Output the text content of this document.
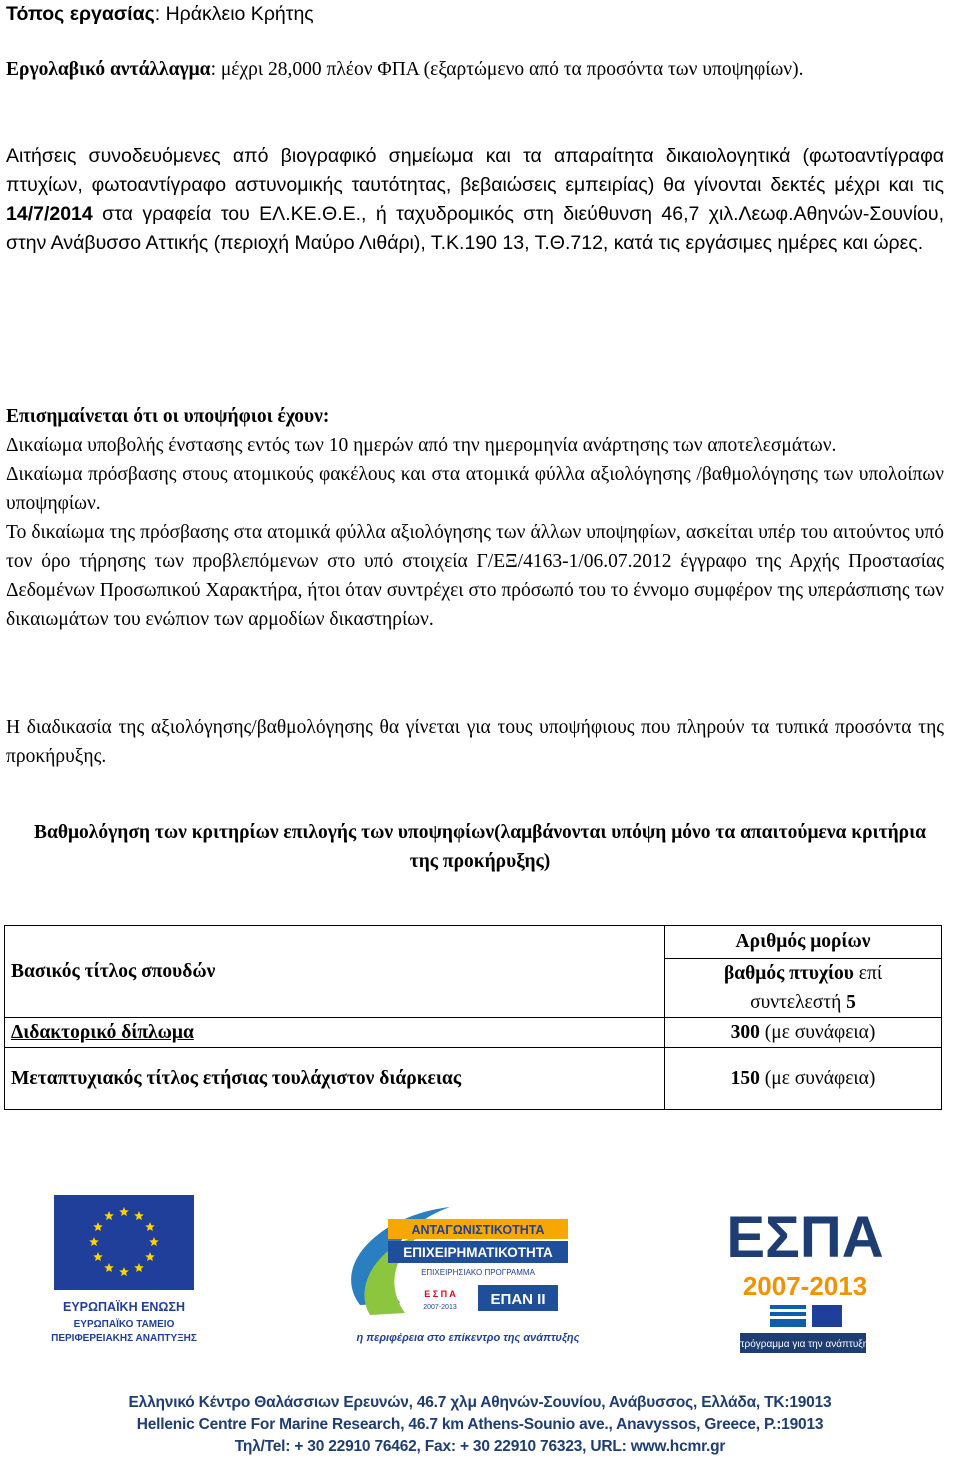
Τόπος εργασίας: Ηράκλειο Κρήτης

Εργολαβικό αντάλλαγμα: μέχρι 28,000 πλέον ΦΠΑ (εξαρτώμενο από τα προσόντα των υποψηφίων).

Αιτήσεις συνοδευόμενες από βιογραφικό σημείωμα και τα απαραίτητα δικαιολογητικά (φωτοαντίγραφα πτυχίων, φωτοαντίγραφο αστυνομικής ταυτότητας, βεβαιώσεις εμπειρίας) θα γίνονται δεκτές μέχρι και τις 14/7/2014 στα γραφεία του ΕΛ.ΚΕ.Θ.Ε., ή ταχυδρομικός στη διεύθυνση 46,7 χιλ.Λεωφ.Αθηνών-Σουνίου, στην Ανάβυσσο Αττικής (περιοχή Μαύρο Λιθάρι), Τ.Κ.190 13, Τ.Θ.712, κατά τις εργάσιμες ημέρες και ώρες.

Επισημαίνεται ότι οι υποψήφιοι έχουν:
Δικαίωμα υποβολής ένστασης εντός των 10 ημερών από την ημερομηνία ανάρτησης των αποτελεσμάτων.
Δικαίωμα πρόσβασης στους ατομικούς φακέλους και στα ατομικά φύλλα αξιολόγησης /βαθμολόγησης των υπολοίπων υποψηφίων.
Το δικαίωμα της πρόσβασης στα ατομικά φύλλα αξιολόγησης των άλλων υποψηφίων, ασκείται υπέρ του αιτούντος υπό τον όρο τήρησης των προβλεπόμενων στο υπό στοιχεία Γ/ΕΞ/4163-1/06.07.2012 έγγραφο της Αρχής Προστασίας Δεδομένων Προσωπικού Χαρακτήρα, ήτοι όταν συντρέχει στο πρόσωπό του το έννομο συμφέρον της υπεράσπισης των δικαιωμάτων του ενώπιον των αρμοδίων δικαστηρίων.

Η διαδικασία της αξιολόγησης/βαθμολόγησης θα γίνεται για τους υποψήφιους που πληρούν τα τυπικά προσόντα της προκήρυξης.

Βαθμολόγηση των κριτηρίων επιλογής των υποψηφίων(λαμβάνονται υπόψη μόνο τα απαιτούμενα κριτήρια της προκήρυξης)

Βασικός τίτλος σπουδών	Αριθμός μορίων
	βαθμός πτυχίου επί
συντελεστή 5
Διδακτορικό δίπλωμα	300 (με συνάφεια)
Μεταπτυχιακός τίτλος ετήσιας τουλάχιστον διάρκειας	150 (με συνάφεια)
ΕΥΡΩΠΑΪΚΗ ΕΝΩΣΗ
ΕΥΡΩΠΑΪΚΟ ΤΑΜΕΙΟ
ΠΕΡΙΦΕΡΕΙΑΚΗΣ ΑΝΑΠΤΥΞΗΣ
ΑΝΤΑΓΩΝΙΣΤΙΚΟΤΗΤΑ
ΕΠΙΧΕΙΡΗΜΑΤΙΚΟΤΗΤΑ
ΕΠΙΧΕΙΡΗΣΙΑΚΟ ΠΡΟΓΡΑΜΜΑ
Ε Σ Π Α
2007-2013 ΕΠΑΝ ΙΙ
η περιφέρεια στο επίκεντρο της ανάπτυξης
ΕΣΠΑ
2007-2013
πρόγραμμα για την ανάπτυξη
Ελληνικό Κέντρο Θαλάσσιων Ερευνών, 46.7 χλμ Αθηνών-Σουνίου, Ανάβυσσος, Ελλάδα, ΤΚ:19013
Hellenic Centre For Marine Research, 46.7 km Athens-Sounio ave., Anavyssos, Greece, P.:19013
Τηλ/Tel: + 30 22910 76462, Fax: + 30 22910 76323, URL: www.hcmr.gr
